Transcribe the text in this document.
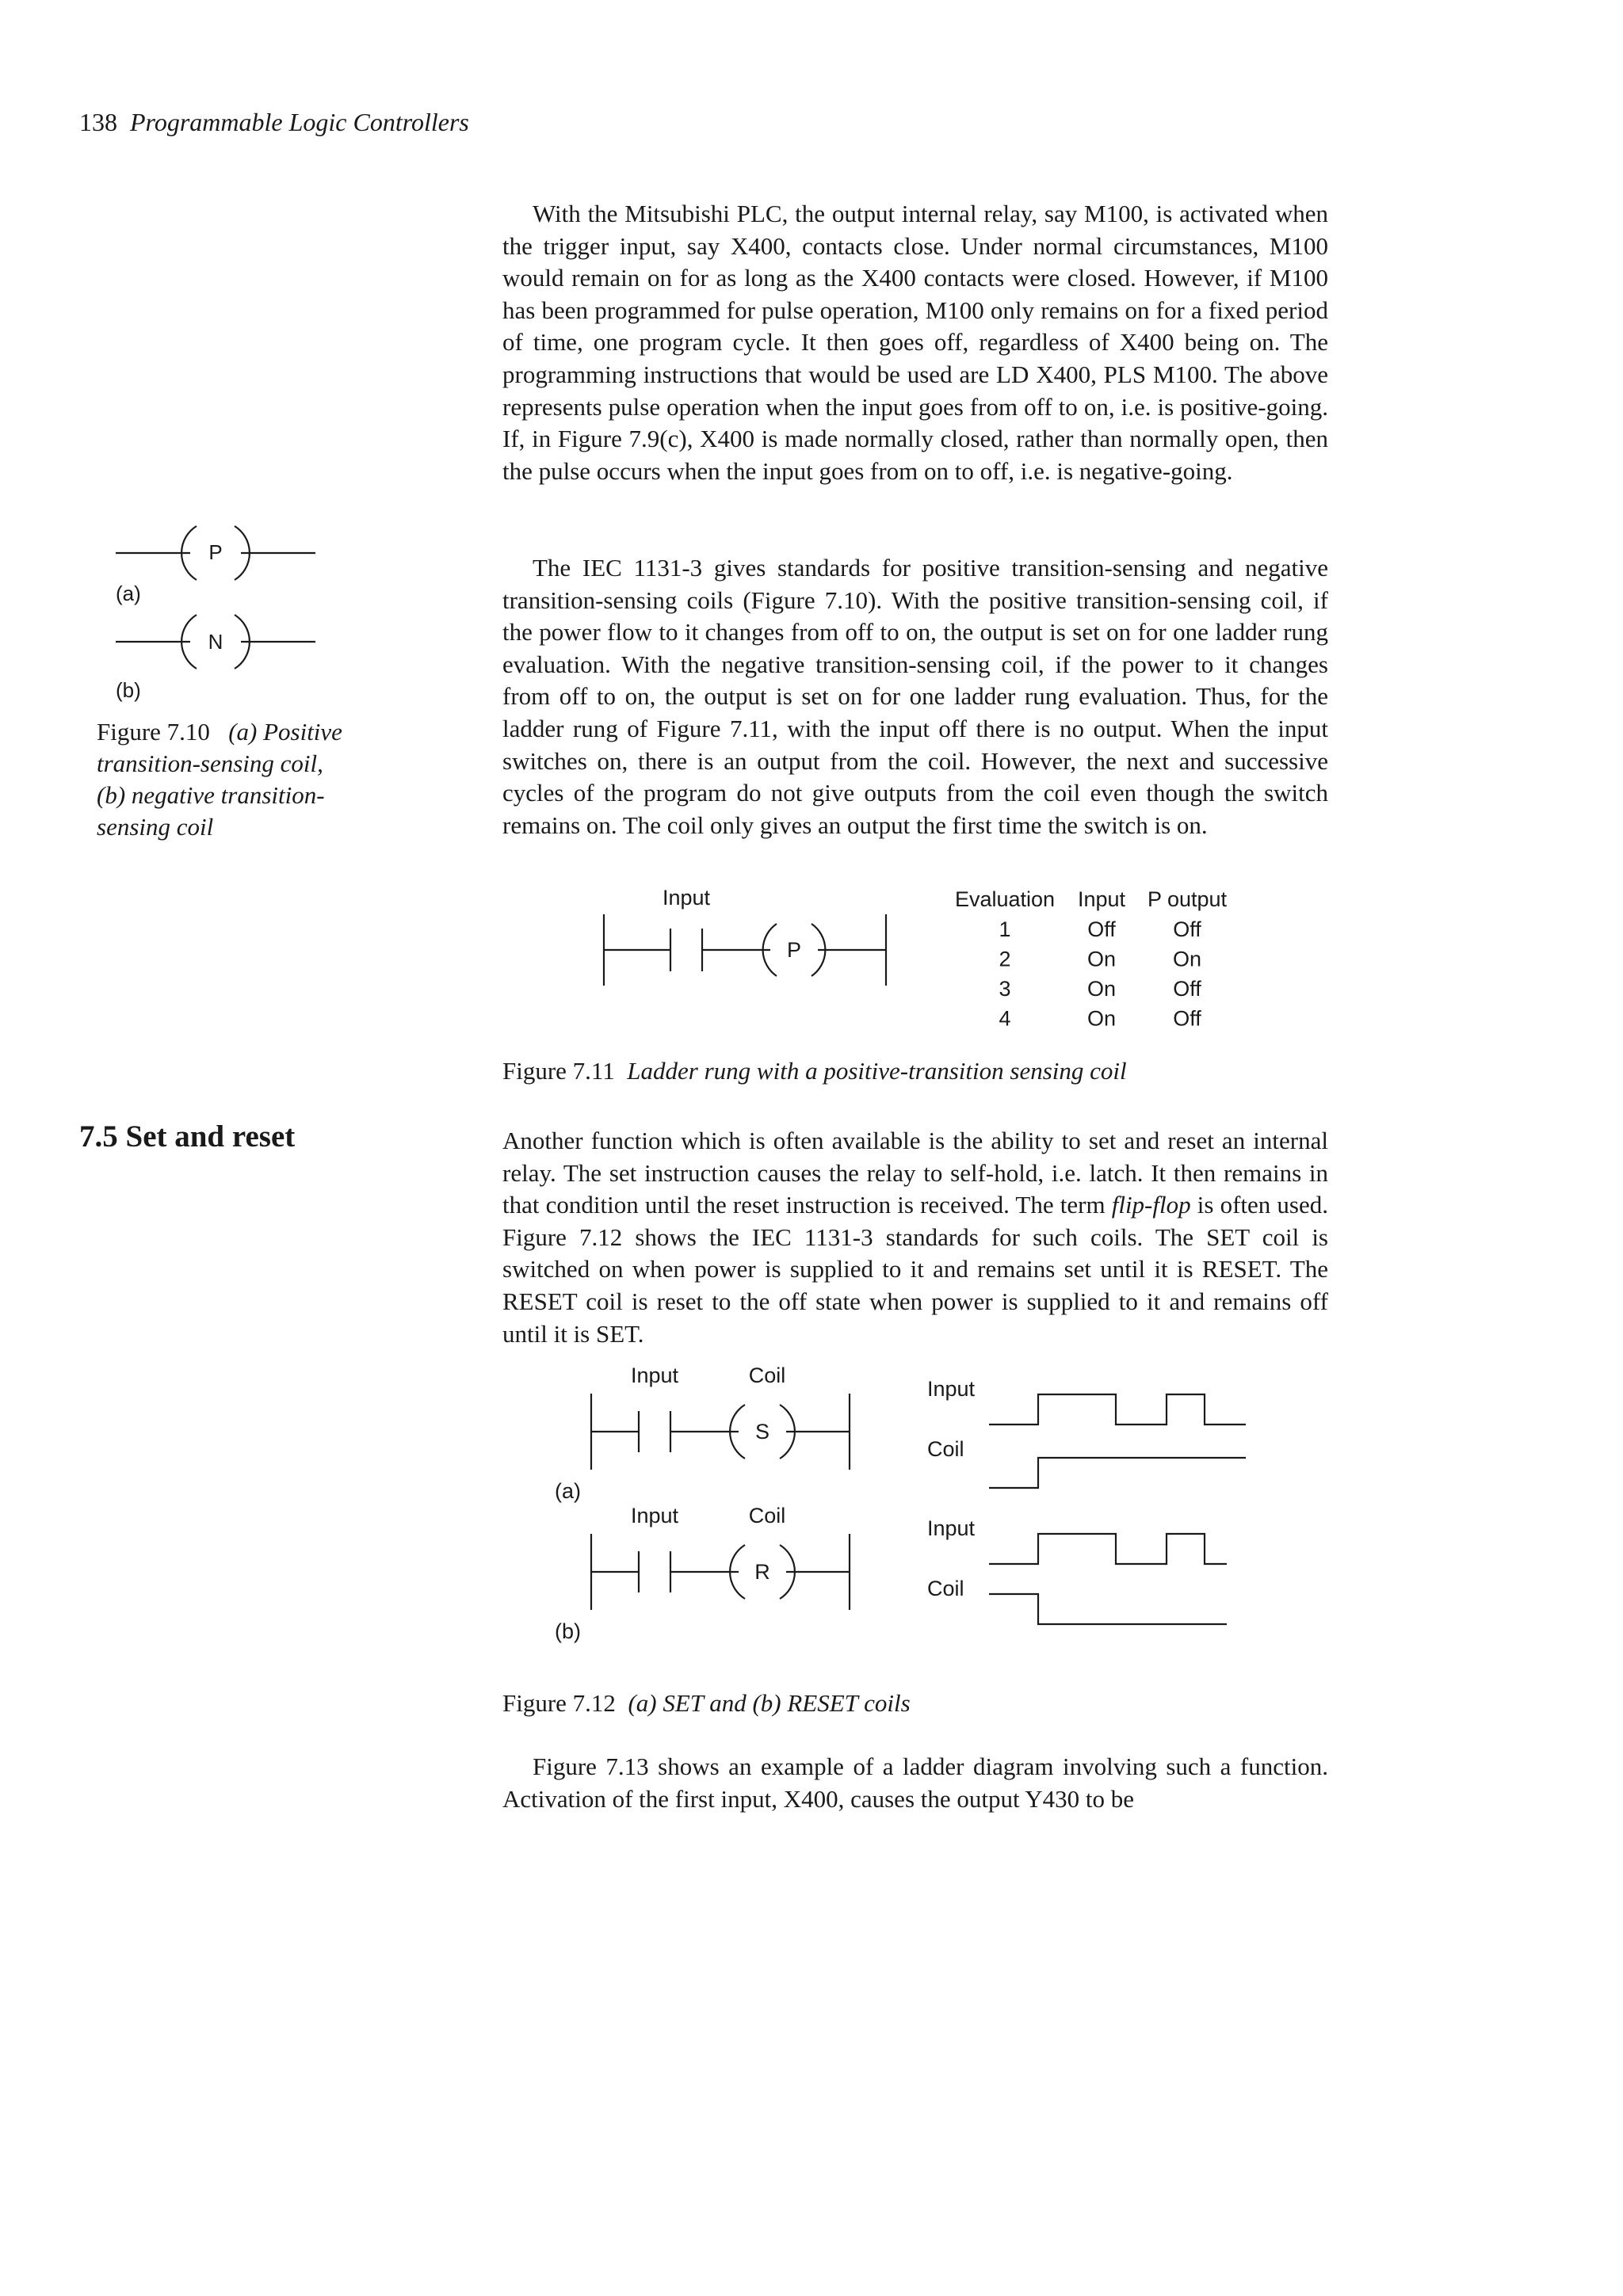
138 Programmable Logic Controllers
With the Mitsubishi PLC, the output internal relay, say M100, is activated when the trigger input, say X400, contacts close. Under normal circumstances, M100 would remain on for as long as the X400 contacts were closed. However, if M100 has been programmed for pulse operation, M100 only remains on for a fixed period of time, one program cycle. It then goes off, regardless of X400 being on. The programming instructions that would be used are LD X400, PLS M100. The above represents pulse operation when the input goes from off to on, i.e. is positive-going. If, in Figure 7.9(c), X400 is made normally closed, rather than normally open, then the pulse occurs when the input goes from on to off, i.e. is negative-going.
The IEC 1131-3 gives standards for positive transition-sensing and negative transition-sensing coils (Figure 7.10). With the positive transition-sensing coil, if the power flow to it changes from off to on, the output is set on for one ladder rung evaluation. With the negative transition-sensing coil, if the power to it changes from off to on, the output is set on for one ladder rung evaluation. Thus, for the ladder rung of Figure 7.11, with the input off there is no output. When the input switches on, there is an output from the coil. However, the next and successive cycles of the program do not give outputs from the coil even though the switch remains on. The coil only gives an output the first time the switch is on.
P
(a)
N
(b)
Figure 7.10 (a) Positive
transition-sensing coil,
(b) negative transition-
sensing coil
Input
P
Evaluation Input P output
1	Off	Off
2	On	On
3	On	Off
4	On	Off
Figure 7.11 Ladder rung with a positive-transition sensing coil
7.5 Set and reset	Another function which is often available is the ability to set and reset an internal relay. The set instruction causes the relay to self-hold, i.e. latch. It then remains in that condition until the reset instruction is received. The term flip-flop is often used. Figure 7.12 shows the IEC 1131-3 standards for such coils. The SET coil is switched on when power is supplied to it and remains set until it is RESET. The RESET coil is reset to the off state when power is supplied to it and remains off until it is SET.
Input	Coil
S
(a)
Input
Coil
Input	Coil
R
(b)
Input
Coil
Figure 7.12 (a) SET and (b) RESET coils
Figure 7.13 shows an example of a ladder diagram involving such a function. Activation of the first input, X400, causes the output Y430 to be
